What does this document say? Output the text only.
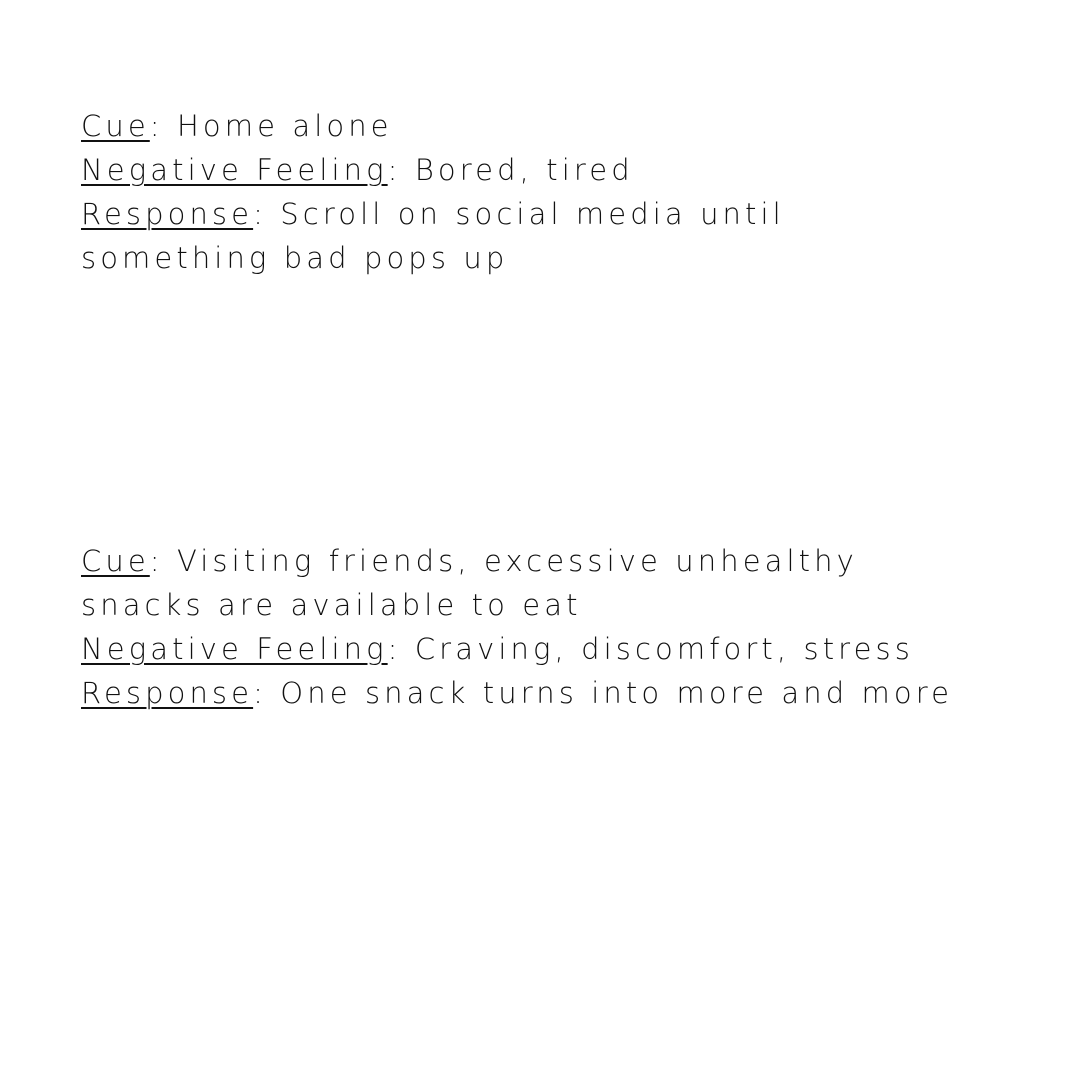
Cue: Home alone

Negative Feeling: Bored, tired

Response: Scroll on social media until something bad pops up

Cue: Visiting friends, excessive unhealthy snacks are available to eat

Negative Feeling: Craving, discomfort, stress

Response: One snack turns into more and more
